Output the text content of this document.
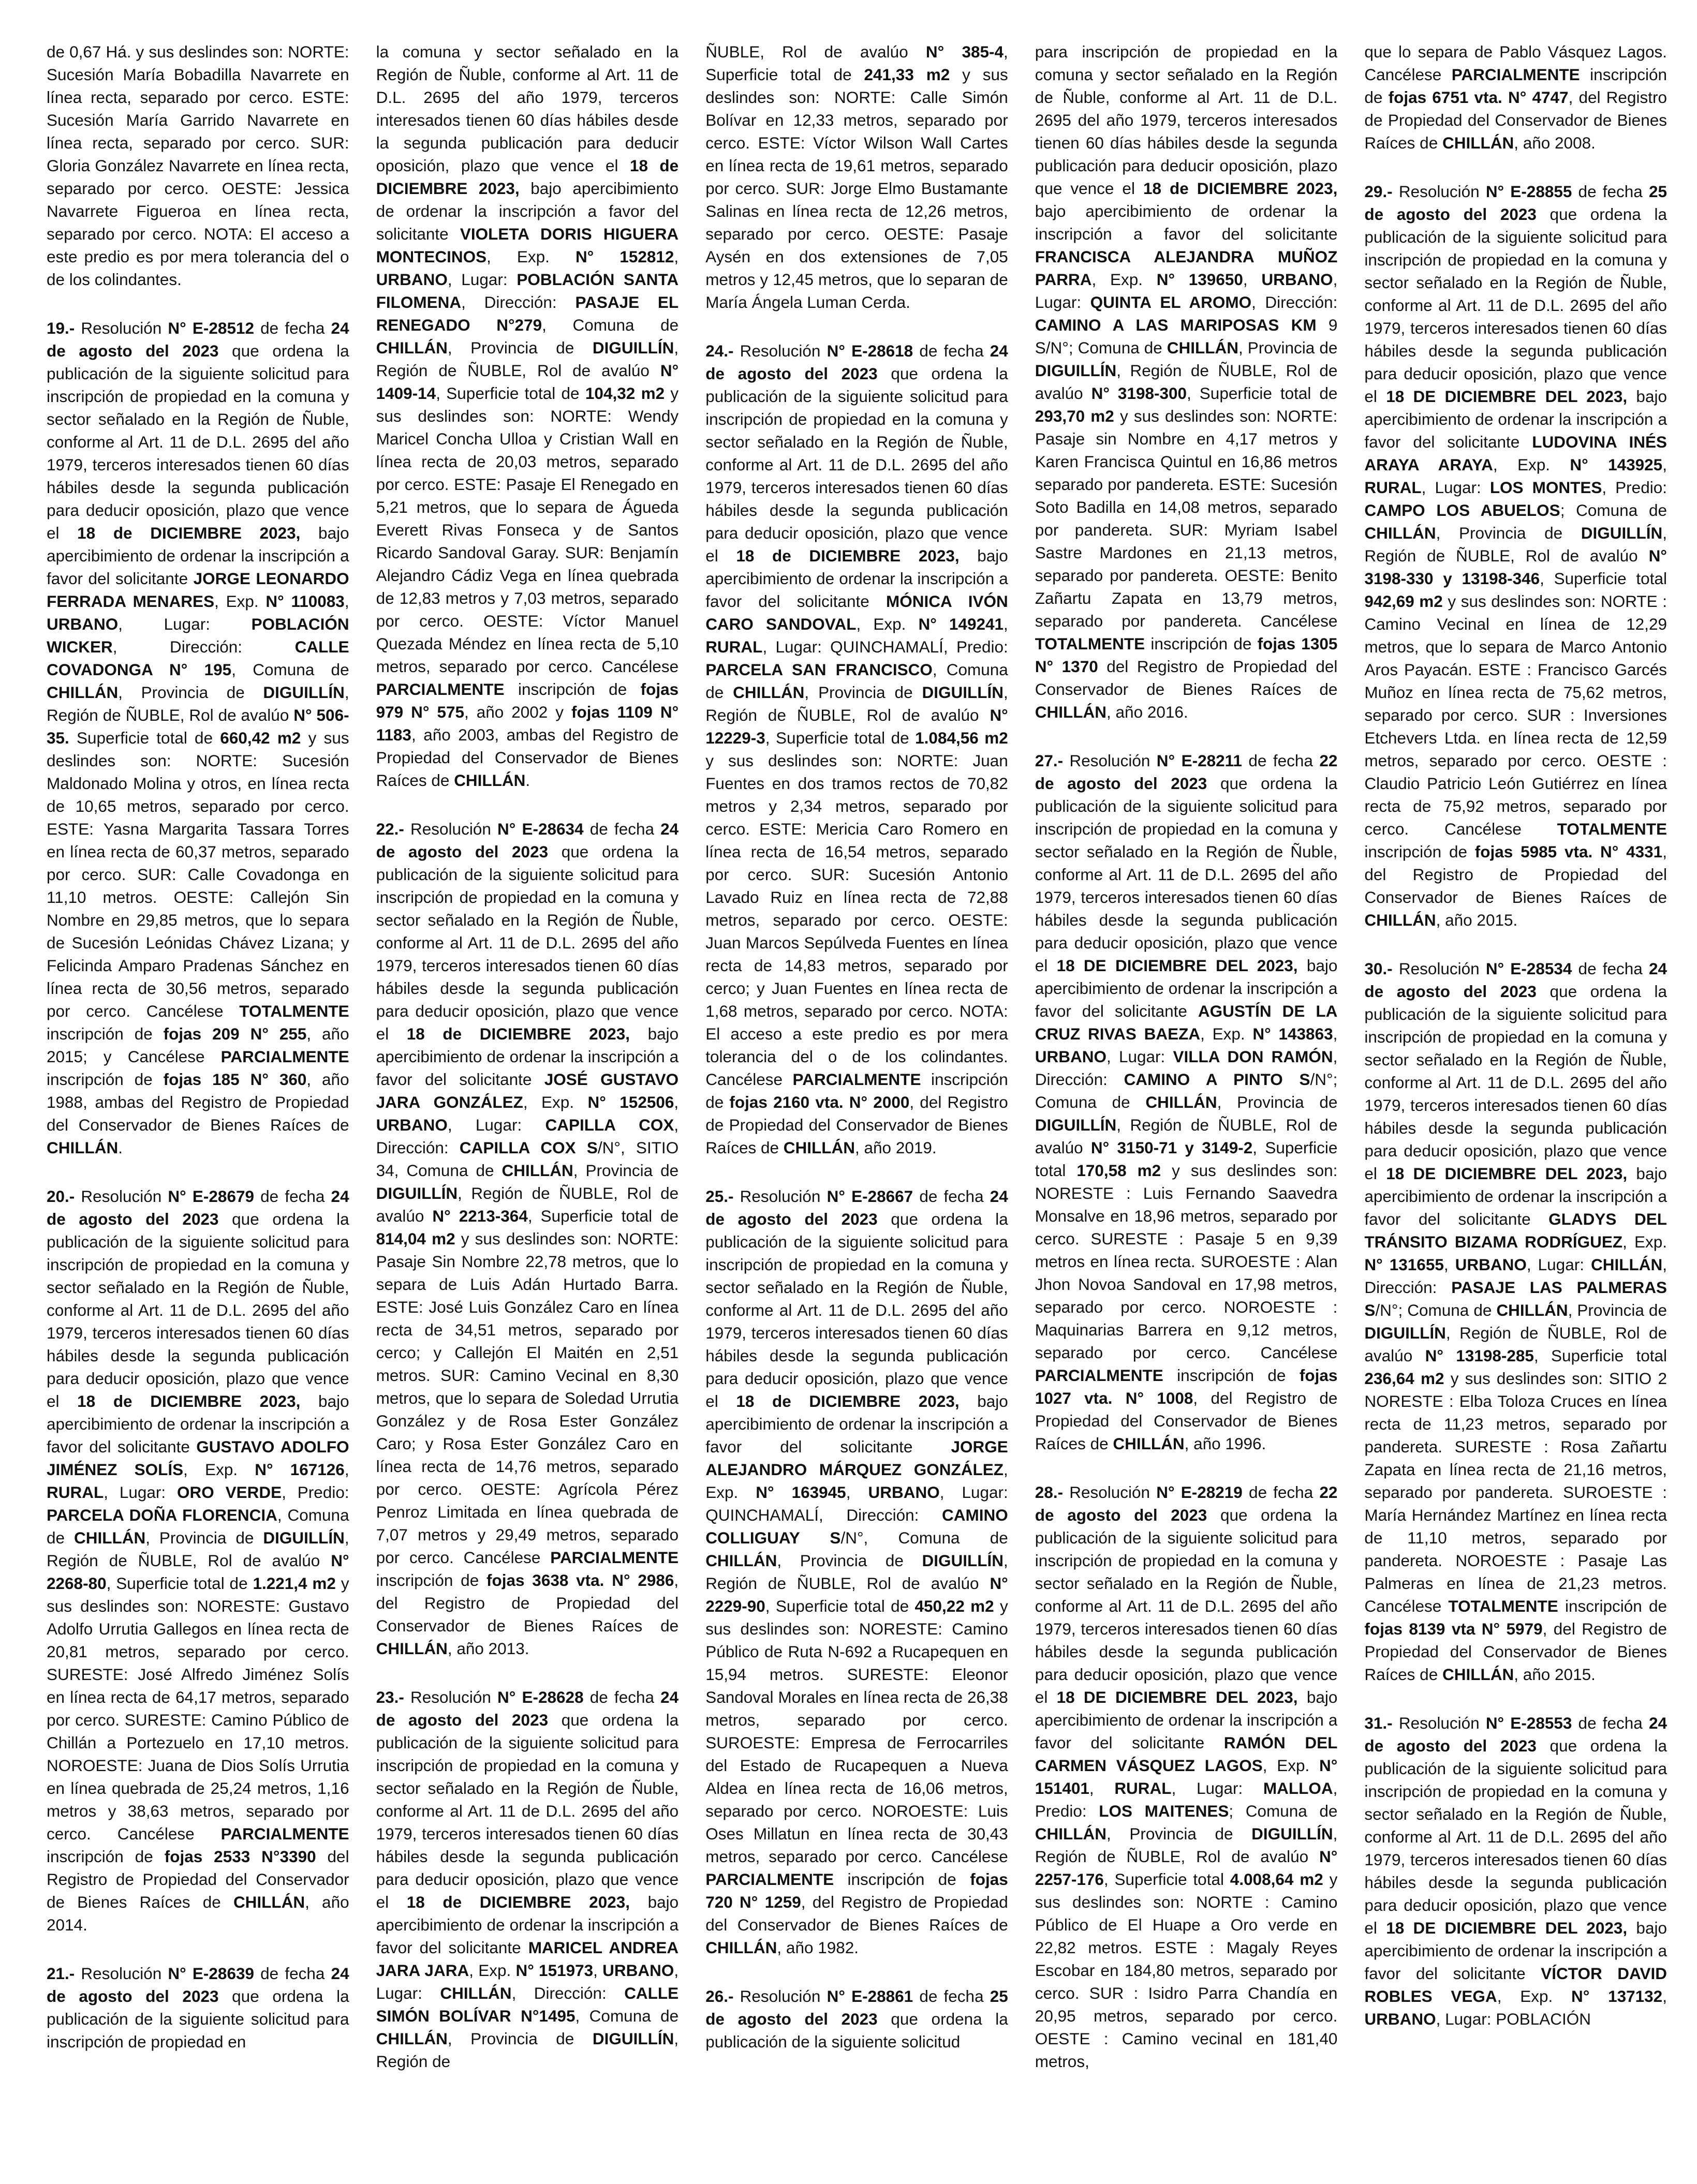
de 0,67 Há. y sus deslindes son: NORTE: Sucesión María Bobadilla Navarrete en línea recta, separado por cerco. ESTE: Sucesión María Garrido Navarrete en línea recta, separado por cerco. SUR: Gloria González Navarrete en línea recta, separado por cerco. OESTE: Jessica Navarrete Figueroa en línea recta, separado por cerco. NOTA: El acceso a este predio es por mera tolerancia del o de los colindantes.

19.- Resolución N° E-28512 de fecha 24 de agosto del 2023 que ordena la publicación de la siguiente solicitud para inscripción de propiedad en la comuna y sector señalado en la Región de Ñuble, conforme al Art. 11 de D.L. 2695 del año 1979, terceros interesados tienen 60 días hábiles desde la segunda publicación para deducir oposición, plazo que vence el 18 de DICIEMBRE 2023, bajo apercibimiento de ordenar la inscripción a favor del solicitante JORGE LEONARDO FERRADA MENARES, Exp. N° 110083, URBANO, Lugar: POBLACIÓN WICKER, Dirección: CALLE COVADONGA N° 195, Comuna de CHILLÁN, Provincia de DIGUILLÍN, Región de ÑUBLE, Rol de avalúo N° 506-35. Superficie total de 660,42 m2 y sus deslindes son: NORTE: Sucesión Maldonado Molina y otros, en línea recta de 10,65 metros, separado por cerco. ESTE: Yasna Margarita Tassara Torres en línea recta de 60,37 metros, separado por cerco. SUR: Calle Covadonga en 11,10 metros. OESTE: Callejón Sin Nombre en 29,85 metros, que lo separa de Sucesión Leónidas Chávez Lizana; y Felicinda Amparo Pradenas Sánchez en línea recta de 30,56 metros, separado por cerco. Cancélese TOTALMENTE inscripción de fojas 209 N° 255, año 2015; y Cancélese PARCIALMENTE inscripción de fojas 185 N° 360, año 1988, ambas del Registro de Propiedad del Conservador de Bienes Raíces de CHILLÁN.

20.- Resolución N° E-28679 de fecha 24 de agosto del 2023 que ordena la publicación de la siguiente solicitud para inscripción de propiedad en la comuna y sector señalado en la Región de Ñuble, conforme al Art. 11 de D.L. 2695 del año 1979, terceros interesados tienen 60 días hábiles desde la segunda publicación para deducir oposición, plazo que vence el 18 de DICIEMBRE 2023, bajo apercibimiento de ordenar la inscripción a favor del solicitante GUSTAVO ADOLFO JIMÉNEZ SOLÍS, Exp. N° 167126, RURAL, Lugar: ORO VERDE, Predio: PARCELA DOÑA FLORENCIA, Comuna de CHILLÁN, Provincia de DIGUILLÍN, Región de ÑUBLE, Rol de avalúo N° 2268-80, Superficie total de 1.221,4 m2 y sus deslindes son: NORESTE: Gustavo Adolfo Urrutia Gallegos en línea recta de 20,81 metros, separado por cerco. SURESTE: José Alfredo Jiménez Solís en línea recta de 64,17 metros, separado por cerco. SURESTE: Camino Público de Chillán a Portezuelo en 17,10 metros. NOROESTE: Juana de Dios Solís Urrutia en línea quebrada de 25,24 metros, 1,16 metros y 38,63 metros, separado por cerco. Cancélese PARCIALMENTE inscripción de fojas 2533 N°3390 del Registro de Propiedad del Conservador de Bienes Raíces de CHILLÁN, año 2014.

21.- Resolución N° E-28639 de fecha 24 de agosto del 2023 que ordena la publicación de la siguiente solicitud para inscripción de propiedad en

la comuna y sector señalado en la Región de Ñuble, conforme al Art. 11 de D.L. 2695 del año 1979, terceros interesados tienen 60 días hábiles desde la segunda publicación para deducir oposición, plazo que vence el 18 de DICIEMBRE 2023, bajo apercibimiento de ordenar la inscripción a favor del solicitante VIOLETA DORIS HIGUERA MONTECINOS, Exp. N° 152812, URBANO, Lugar: POBLACIÓN SANTA FILOMENA, Dirección: PASAJE EL RENEGADO N°279, Comuna de CHILLÁN, Provincia de DIGUILLÍN, Región de ÑUBLE, Rol de avalúo N° 1409-14, Superficie total de 104,32 m2 y sus deslindes son: NORTE: Wendy Maricel Concha Ulloa y Cristian Wall en línea recta de 20,03 metros, separado por cerco. ESTE: Pasaje El Renegado en 5,21 metros, que lo separa de Águeda Everett Rivas Fonseca y de Santos Ricardo Sandoval Garay. SUR: Benjamín Alejandro Cádiz Vega en línea quebrada de 12,83 metros y 7,03 metros, separado por cerco. OESTE: Víctor Manuel Quezada Méndez en línea recta de 5,10 metros, separado por cerco. Cancélese PARCIALMENTE inscripción de fojas 979 N° 575, año 2002 y fojas 1109 N° 1183, año 2003, ambas del Registro de Propiedad del Conservador de Bienes Raíces de CHILLÁN.

22.- Resolución N° E-28634 de fecha 24 de agosto del 2023 que ordena la publicación de la siguiente solicitud para inscripción de propiedad en la comuna y sector señalado en la Región de Ñuble, conforme al Art. 11 de D.L. 2695 del año 1979, terceros interesados tienen 60 días hábiles desde la segunda publicación para deducir oposición, plazo que vence el 18 de DICIEMBRE 2023, bajo apercibimiento de ordenar la inscripción a favor del solicitante JOSÉ GUSTAVO JARA GONZÁLEZ, Exp. N° 152506, URBANO, Lugar: CAPILLA COX, Dirección: CAPILLA COX S/N°, SITIO 34, Comuna de CHILLÁN, Provincia de DIGUILLÍN, Región de ÑUBLE, Rol de avalúo N° 2213-364, Superficie total de 814,04 m2 y sus deslindes son: NORTE: Pasaje Sin Nombre 22,78 metros, que lo separa de Luis Adán Hurtado Barra. ESTE: José Luis González Caro en línea recta de 34,51 metros, separado por cerco; y Callejón El Maitén en 2,51 metros. SUR: Camino Vecinal en 8,30 metros, que lo separa de Soledad Urrutia González y de Rosa Ester González Caro; y Rosa Ester González Caro en línea recta de 14,76 metros, separado por cerco. OESTE: Agrícola Pérez Penroz Limitada en línea quebrada de 7,07 metros y 29,49 metros, separado por cerco. Cancélese PARCIALMENTE inscripción de fojas 3638 vta. N° 2986, del Registro de Propiedad del Conservador de Bienes Raíces de CHILLÁN, año 2013.

23.- Resolución N° E-28628 de fecha 24 de agosto del 2023 que ordena la publicación de la siguiente solicitud para inscripción de propiedad en la comuna y sector señalado en la Región de Ñuble, conforme al Art. 11 de D.L. 2695 del año 1979, terceros interesados tienen 60 días hábiles desde la segunda publicación para deducir oposición, plazo que vence el 18 de DICIEMBRE 2023, bajo apercibimiento de ordenar la inscripción a favor del solicitante MARICEL ANDREA JARA JARA, Exp. N° 151973, URBANO, Lugar: CHILLÁN, Dirección: CALLE SIMÓN BOLÍVAR N°1495, Comuna de CHILLÁN, Provincia de DIGUILLÍN, Región de

ÑUBLE, Rol de avalúo N° 385-4, Superficie total de 241,33 m2 y sus deslindes son: NORTE: Calle Simón Bolívar en 12,33 metros, separado por cerco. ESTE: Víctor Wilson Wall Cartes en línea recta de 19,61 metros, separado por cerco. SUR: Jorge Elmo Bustamante Salinas en línea recta de 12,26 metros, separado por cerco. OESTE: Pasaje Aysén en dos extensiones de 7,05 metros y 12,45 metros, que lo separan de María Ángela Luman Cerda.

24.- Resolución N° E-28618 de fecha 24 de agosto del 2023 que ordena la publicación de la siguiente solicitud para inscripción de propiedad en la comuna y sector señalado en la Región de Ñuble, conforme al Art. 11 de D.L. 2695 del año 1979, terceros interesados tienen 60 días hábiles desde la segunda publicación para deducir oposición, plazo que vence el 18 de DICIEMBRE 2023, bajo apercibimiento de ordenar la inscripción a favor del solicitante MÓNICA IVÓN CARO SANDOVAL, Exp. N° 149241, RURAL, Lugar: QUINCHAMALÍ, Predio: PARCELA SAN FRANCISCO, Comuna de CHILLÁN, Provincia de DIGUILLÍN, Región de ÑUBLE, Rol de avalúo N° 12229-3, Superficie total de 1.084,56 m2 y sus deslindes son: NORTE: Juan Fuentes en dos tramos rectos de 70,82 metros y 2,34 metros, separado por cerco. ESTE: Mericia Caro Romero en línea recta de 16,54 metros, separado por cerco. SUR: Sucesión Antonio Lavado Ruiz en línea recta de 72,88 metros, separado por cerco. OESTE: Juan Marcos Sepúlveda Fuentes en línea recta de 14,83 metros, separado por cerco; y Juan Fuentes en línea recta de 1,68 metros, separado por cerco. NOTA: El acceso a este predio es por mera tolerancia del o de los colindantes. Cancélese PARCIALMENTE inscripción de fojas 2160 vta. N° 2000, del Registro de Propiedad del Conservador de Bienes Raíces de CHILLÁN, año 2019.

25.- Resolución N° E-28667 de fecha 24 de agosto del 2023 que ordena la publicación de la siguiente solicitud para inscripción de propiedad en la comuna y sector señalado en la Región de Ñuble, conforme al Art. 11 de D.L. 2695 del año 1979, terceros interesados tienen 60 días hábiles desde la segunda publicación para deducir oposición, plazo que vence el 18 de DICIEMBRE 2023, bajo apercibimiento de ordenar la inscripción a favor del solicitante JORGE ALEJANDRO MÁRQUEZ GONZÁLEZ, Exp. N° 163945, URBANO, Lugar: QUINCHAMALÍ, Dirección: CAMINO COLLIGUAY S/N°, Comuna de CHILLÁN, Provincia de DIGUILLÍN, Región de ÑUBLE, Rol de avalúo N° 2229-90, Superficie total de 450,22 m2 y sus deslindes son: NORESTE: Camino Público de Ruta N-692 a Rucapequen en 15,94 metros. SURESTE: Eleonor Sandoval Morales en línea recta de 26,38 metros, separado por cerco. SUROESTE: Empresa de Ferrocarriles del Estado de Rucapequen a Nueva Aldea en línea recta de 16,06 metros, separado por cerco. NOROESTE: Luis Oses Millatun en línea recta de 30,43 metros, separado por cerco. Cancélese PARCIALMENTE inscripción de fojas 720 N° 1259, del Registro de Propiedad del Conservador de Bienes Raíces de CHILLÁN, año 1982.

26.- Resolución N° E-28861 de fecha 25 de agosto del 2023 que ordena la publicación de la siguiente solicitud

para inscripción de propiedad en la comuna y sector señalado en la Región de Ñuble, conforme al Art. 11 de D.L. 2695 del año 1979, terceros interesados tienen 60 días hábiles desde la segunda publicación para deducir oposición, plazo que vence el 18 de DICIEMBRE 2023, bajo apercibimiento de ordenar la inscripción a favor del solicitante FRANCISCA ALEJANDRA MUÑOZ PARRA, Exp. N° 139650, URBANO, Lugar: QUINTA EL AROMO, Dirección: CAMINO A LAS MARIPOSAS KM 9 S/N°; Comuna de CHILLÁN, Provincia de DIGUILLÍN, Región de ÑUBLE, Rol de avalúo N° 3198-300, Superficie total de 293,70 m2 y sus deslindes son: NORTE: Pasaje sin Nombre en 4,17 metros y Karen Francisca Quintul en 16,86 metros separado por pandereta. ESTE: Sucesión Soto Badilla en 14,08 metros, separado por pandereta. SUR: Myriam Isabel Sastre Mardones en 21,13 metros, separado por pandereta. OESTE: Benito Zañartu Zapata en 13,79 metros, separado por pandereta. Cancélese TOTALMENTE inscripción de fojas 1305 N° 1370 del Registro de Propiedad del Conservador de Bienes Raíces de CHILLÁN, año 2016.

27.- Resolución N° E-28211 de fecha 22 de agosto del 2023 que ordena la publicación de la siguiente solicitud para inscripción de propiedad en la comuna y sector señalado en la Región de Ñuble, conforme al Art. 11 de D.L. 2695 del año 1979, terceros interesados tienen 60 días hábiles desde la segunda publicación para deducir oposición, plazo que vence el 18 DE DICIEMBRE DEL 2023, bajo apercibimiento de ordenar la inscripción a favor del solicitante AGUSTÍN DE LA CRUZ RIVAS BAEZA, Exp. N° 143863, URBANO, Lugar: VILLA DON RAMÓN, Dirección: CAMINO A PINTO S/N°; Comuna de CHILLÁN, Provincia de DIGUILLÍN, Región de ÑUBLE, Rol de avalúo N° 3150-71 y 3149-2, Superficie total 170,58 m2 y sus deslindes son: NORESTE : Luis Fernando Saavedra Monsalve en 18,96 metros, separado por cerco. SURESTE : Pasaje 5 en 9,39 metros en línea recta. SUROESTE : Alan Jhon Novoa Sandoval en 17,98 metros, separado por cerco. NOROESTE : Maquinarias Barrera en 9,12 metros, separado por cerco. Cancélese PARCIALMENTE inscripción de fojas 1027 vta. N° 1008, del Registro de Propiedad del Conservador de Bienes Raíces de CHILLÁN, año 1996.

28.- Resolución N° E-28219 de fecha 22 de agosto del 2023 que ordena la publicación de la siguiente solicitud para inscripción de propiedad en la comuna y sector señalado en la Región de Ñuble, conforme al Art. 11 de D.L. 2695 del año 1979, terceros interesados tienen 60 días hábiles desde la segunda publicación para deducir oposición, plazo que vence el 18 DE DICIEMBRE DEL 2023, bajo apercibimiento de ordenar la inscripción a favor del solicitante RAMÓN DEL CARMEN VÁSQUEZ LAGOS, Exp. N° 151401, RURAL, Lugar: MALLOA, Predio: LOS MAITENES; Comuna de CHILLÁN, Provincia de DIGUILLÍN, Región de ÑUBLE, Rol de avalúo N° 2257-176, Superficie total 4.008,64 m2 y sus deslindes son: NORTE : Camino Público de El Huape a Oro verde en 22,82 metros. ESTE : Magaly Reyes Escobar en 184,80 metros, separado por cerco. SUR : Isidro Parra Chandía en 20,95 metros, separado por cerco. OESTE : Camino vecinal en 181,40 metros,

que lo separa de Pablo Vásquez Lagos. Cancélese PARCIALMENTE inscripción de fojas 6751 vta. N° 4747, del Registro de Propiedad del Conservador de Bienes Raíces de CHILLÁN, año 2008.

29.- Resolución N° E-28855 de fecha 25 de agosto del 2023 que ordena la publicación de la siguiente solicitud para inscripción de propiedad en la comuna y sector señalado en la Región de Ñuble, conforme al Art. 11 de D.L. 2695 del año 1979, terceros interesados tienen 60 días hábiles desde la segunda publicación para deducir oposición, plazo que vence el 18 DE DICIEMBRE DEL 2023, bajo apercibimiento de ordenar la inscripción a favor del solicitante LUDOVINA INÉS ARAYA ARAYA, Exp. N° 143925, RURAL, Lugar: LOS MONTES, Predio: CAMPO LOS ABUELOS; Comuna de CHILLÁN, Provincia de DIGUILLÍN, Región de ÑUBLE, Rol de avalúo N° 3198-330 y 13198-346, Superficie total 942,69 m2 y sus deslindes son: NORTE : Camino Vecinal en línea de 12,29 metros, que lo separa de Marco Antonio Aros Payacán. ESTE : Francisco Garcés Muñoz en línea recta de 75,62 metros, separado por cerco. SUR : Inversiones Etchevers Ltda. en línea recta de 12,59 metros, separado por cerco. OESTE : Claudio Patricio León Gutiérrez en línea recta de 75,92 metros, separado por cerco. Cancélese TOTALMENTE inscripción de fojas 5985 vta. N° 4331, del Registro de Propiedad del Conservador de Bienes Raíces de CHILLÁN, año 2015.

30.- Resolución N° E-28534 de fecha 24 de agosto del 2023 que ordena la publicación de la siguiente solicitud para inscripción de propiedad en la comuna y sector señalado en la Región de Ñuble, conforme al Art. 11 de D.L. 2695 del año 1979, terceros interesados tienen 60 días hábiles desde la segunda publicación para deducir oposición, plazo que vence el 18 DE DICIEMBRE DEL 2023, bajo apercibimiento de ordenar la inscripción a favor del solicitante GLADYS DEL TRÁNSITO BIZAMA RODRÍGUEZ, Exp. N° 131655, URBANO, Lugar: CHILLÁN, Dirección: PASAJE LAS PALMERAS S/N°; Comuna de CHILLÁN, Provincia de DIGUILLÍN, Región de ÑUBLE, Rol de avalúo N° 13198-285, Superficie total 236,64 m2 y sus deslindes son: SITIO 2 NORESTE : Elba Toloza Cruces en línea recta de 11,23 metros, separado por pandereta. SURESTE : Rosa Zañartu Zapata en línea recta de 21,16 metros, separado por pandereta. SUROESTE : María Hernández Martínez en línea recta de 11,10 metros, separado por pandereta. NOROESTE : Pasaje Las Palmeras en línea de 21,23 metros. Cancélese TOTALMENTE inscripción de fojas 8139 vta N° 5979, del Registro de Propiedad del Conservador de Bienes Raíces de CHILLÁN, año 2015.

31.- Resolución N° E-28553 de fecha 24 de agosto del 2023 que ordena la publicación de la siguiente solicitud para inscripción de propiedad en la comuna y sector señalado en la Región de Ñuble, conforme al Art. 11 de D.L. 2695 del año 1979, terceros interesados tienen 60 días hábiles desde la segunda publicación para deducir oposición, plazo que vence el 18 DE DICIEMBRE DEL 2023, bajo apercibimiento de ordenar la inscripción a favor del solicitante VÍCTOR DAVID ROBLES VEGA, Exp. N° 137132, URBANO, Lugar: POBLACIÓN
